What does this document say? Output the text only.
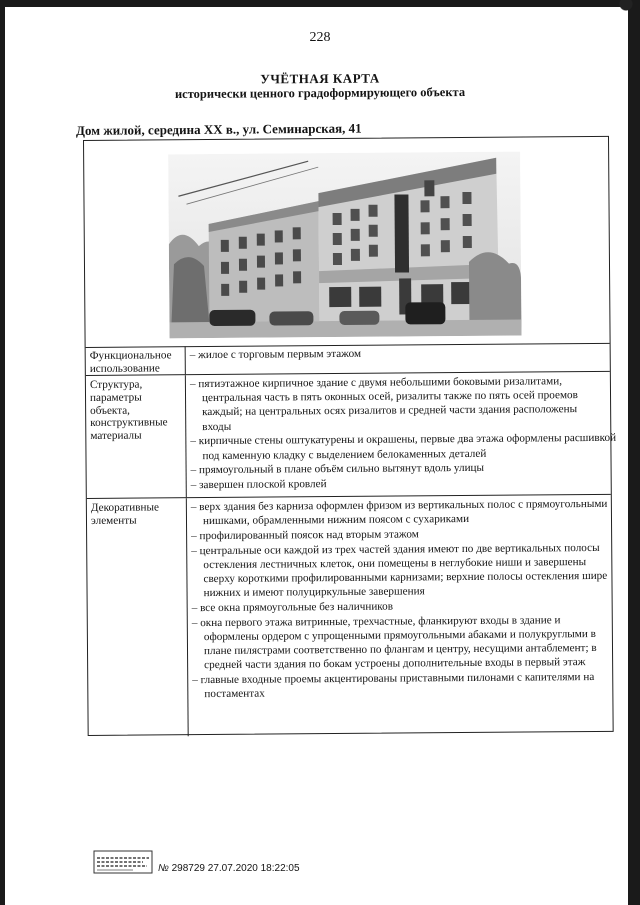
228
УЧЁТНАЯ КАРТА
исторически ценного градоформирующего объекта
Дом жилой, середина XX в., ул. Семинарская, 41
Функциональное использование

– жилое с торговым первым этажом

Структура, параметры объекта, конструктивные материалы

– пятиэтажное кирпичное здание с двумя небольшими боковыми ризалитами, центральная часть в пять оконных осей, ризалиты также по пять осей проемов каждый; на центральных осях ризалитов и средней части здания расположены входы

– кирпичные стены оштукатурены и окрашены, первые два этажа оформлены расшивкой под каменную кладку с выделением белокаменных деталей

– прямоугольный в плане объём сильно вытянут вдоль улицы

– завершен плоской кровлей

Декоративные элементы

– верх здания без карниза оформлен фризом из вертикальных полос с прямоугольными нишками, обрамленными нижним поясом с сухариками

– профилированный поясок над вторым этажом

– центральные оси каждой из трех частей здания имеют по две вертикальных полосы остекления лестничных клеток, они помещены в неглубокие ниши и завершены сверху короткими профилированными карнизами; верхние полосы остекления шире нижних и имеют полуциркульные завершения

– все окна прямоугольные без наличников

– окна первого этажа витринные, трехчастные, фланкируют входы в здание и оформлены ордером с упрощенными прямоугольными абаками и полукруглыми в плане пилястрами соответственно по флангам и центру, несущими антаблемент; в средней части здания по бокам устроены дополнительные входы в первый этаж

– главные входные проемы акцентированы приставными пилонами с капителями на постаментах

№ 298729 27.07.2020 18:22:05
